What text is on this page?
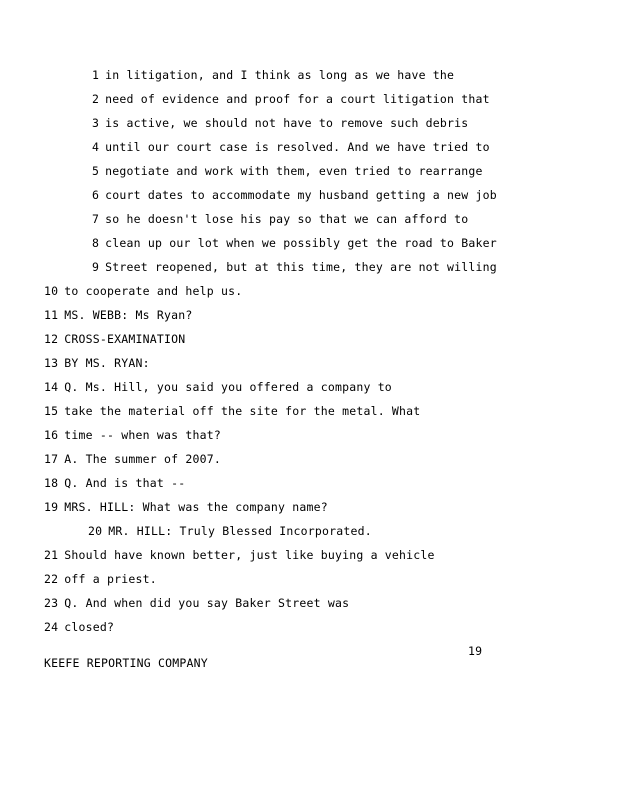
1 in litigation, and I think as long as we have the
2 need of evidence and proof for a court litigation that
3 is active, we should not have to remove such debris
4 until our court case is resolved. And we have tried to
5 negotiate and work with them, even tried to rearrange
6 court dates to accommodate my husband getting a new job
7 so he doesn't lose his pay so that we can afford to
8 clean up our lot when we possibly get the road to Baker
9 Street reopened, but at this time, they are not willing
10 to cooperate and help us.
11 MS. WEBB: Ms Ryan?
12 CROSS-EXAMINATION
13 BY MS. RYAN:
14 Q. Ms. Hill, you said you offered a company to
15 take the material off the site for the metal. What
16 time -- when was that?
17 A. The summer of 2007.
18 Q. And is that --
19 MRS. HILL: What was the company name?
20 MR. HILL: Truly Blessed Incorporated.
21 Should have known better, just like buying a vehicle
22 off a priest.
23 Q. And when did you say Baker Street was
24 closed?
19
KEEFE REPORTING COMPANY
